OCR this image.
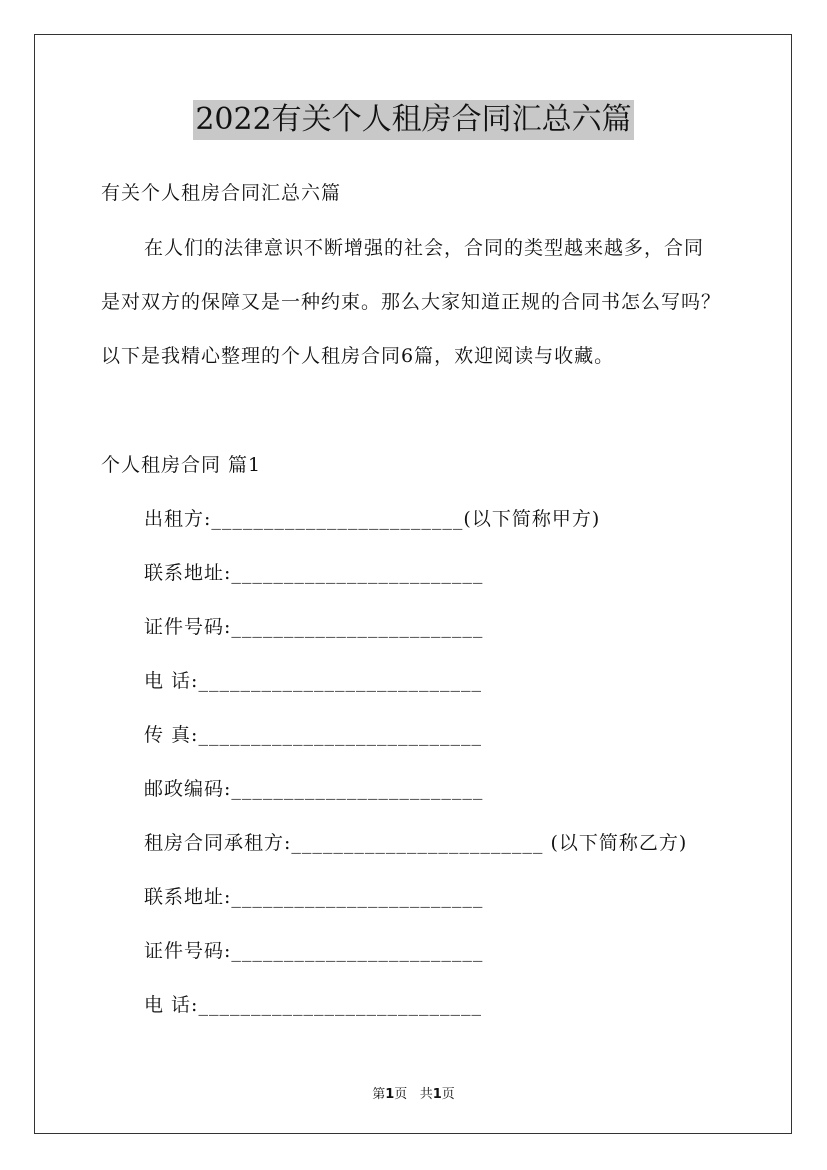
2022有关个人租房合同汇总六篇
有关个人租房合同汇总六篇
在人们的法律意识不断增强的社会，合同的类型越来越多，合同
是对双方的保障又是一种约束。那么大家知道正规的合同书怎么写吗？
以下是我精心整理的个人租房合同6篇，欢迎阅读与收藏。
个人租房合同 篇1
出租方:________________________(以下简称甲方)
联系地址:________________________
证件号码:________________________
电 话:___________________________
传 真:___________________________
邮政编码:________________________
租房合同承租方:________________________ (以下简称乙方)
联系地址:________________________
证件号码:________________________
电 话:___________________________
第1页 共1页
